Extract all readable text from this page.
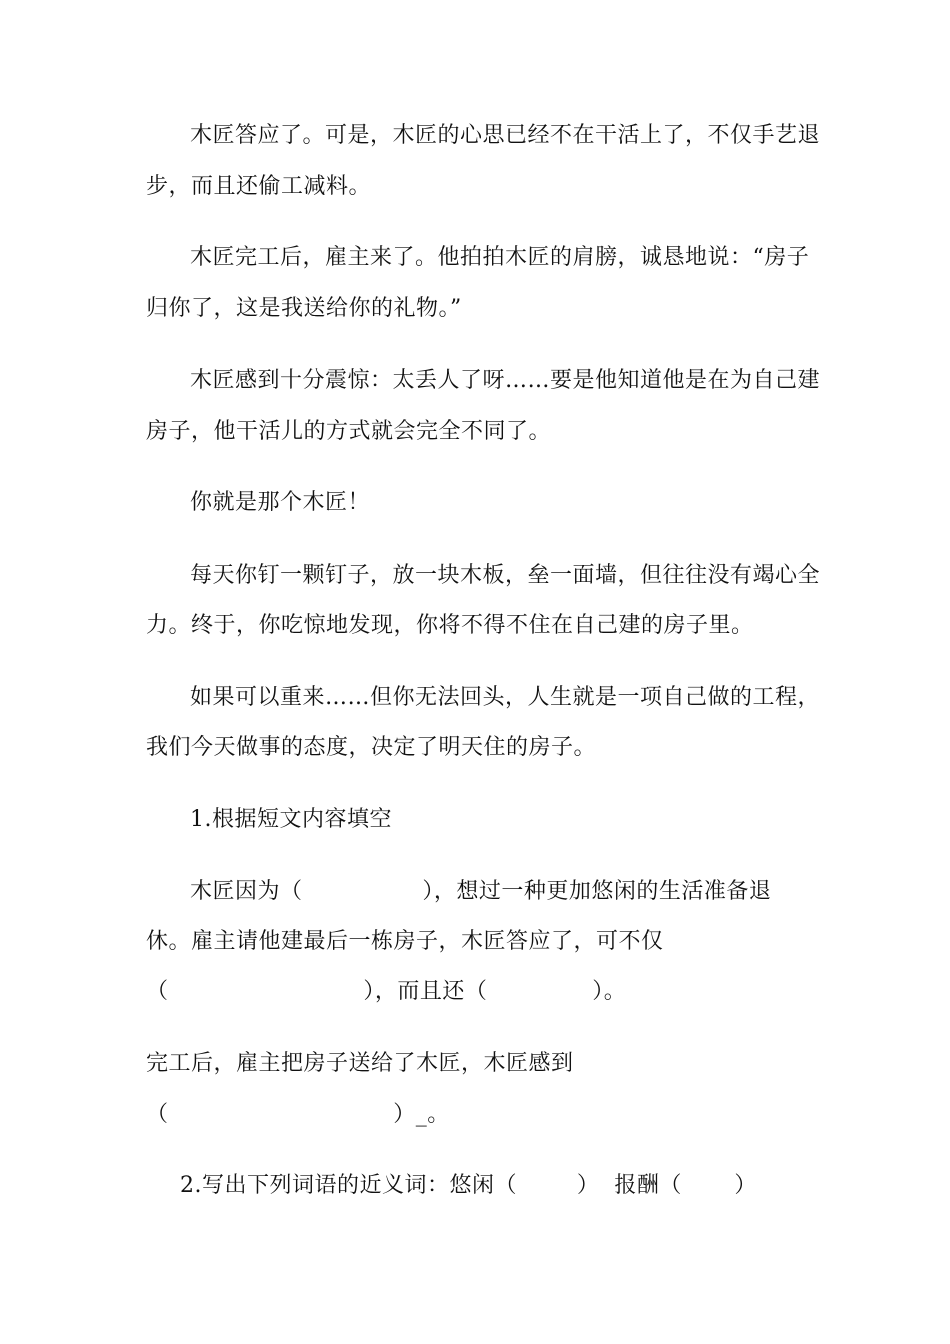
木匠答应了。可是，木匠的心思已经不在干活上了，不仅手艺退
步，而且还偷工减料。
木匠完工后，雇主来了。他拍拍木匠的肩膀，诚恳地说：“房子
归你了，这是我送给你的礼物。”
木匠感到十分震惊：太丢人了呀……要是他知道他是在为自己建
房子，他干活儿的方式就会完全不同了。
你就是那个木匠！
每天你钉一颗钉子，放一块木板，垒一面墙，但往往没有竭心全
力。终于，你吃惊地发现，你将不得不住在自己建的房子里。
如果可以重来……但你无法回头，人生就是一项自己做的工程，
我们今天做事的态度，决定了明天住的房子。
1.根据短文内容填空
木匠因为（                ），想过一种更加悠闲的生活准备退
休。雇主请他建最后一栋房子，木匠答应了，可不仅
（                          ），而且还（              ）。
完工后，雇主把房子送给了木匠，木匠感到
（                              ）_。
2.写出下列词语的近义词：悠闲（        ）  报酬（       ）
